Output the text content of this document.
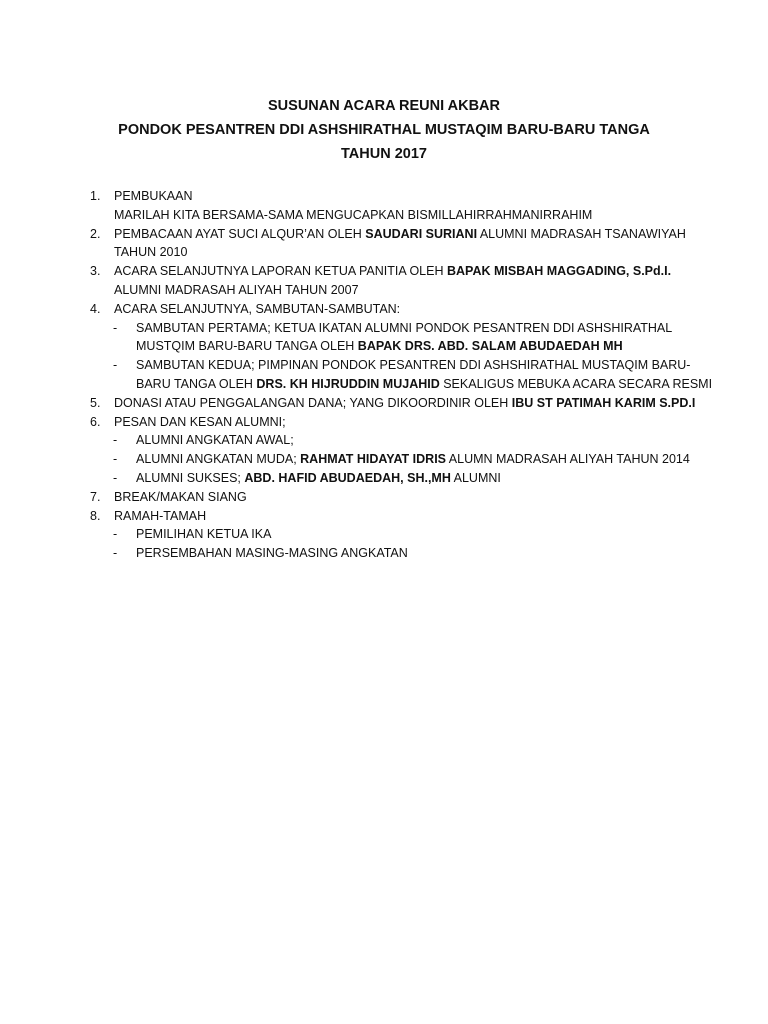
SUSUNAN ACARA REUNI AKBAR
PONDOK PESANTREN DDI ASHSHIRATHAL MUSTAQIM BARU-BARU TANGA
TAHUN 2017
1.	PEMBUKAAN
MARILAH KITA BERSAMA-SAMA MENGUCAPKAN BISMILLAHIRRAHMANIRRAHIM
2.	PEMBACAAN AYAT SUCI ALQUR’AN OLEH SAUDARI SURIANI ALUMNI MADRASAH TSANAWIYAH
TAHUN 2010
3.	ACARA SELANJUTNYA LAPORAN KETUA PANITIA OLEH BAPAK MISBAH MAGGADING, S.Pd.I.
ALUMNI MADRASAH ALIYAH TAHUN 2007
4.	ACARA SELANJUTNYA, SAMBUTAN-SAMBUTAN:
- SAMBUTAN PERTAMA; KETUA IKATAN ALUMNI PONDOK PESANTREN DDI ASHSHIRATHAL
MUSTQIM BARU-BARU TANGA OLEH BAPAK DRS. ABD. SALAM ABUDAEDAH MH
- SAMBUTAN KEDUA; PIMPINAN PONDOK PESANTREN DDI ASHSHIRATHAL MUSTAQIM BARU-
BARU TANGA OLEH DRS. KH HIJRUDDIN MUJAHID SEKALIGUS MEBUKA ACARA SECARA RESMI
5.	DONASI ATAU PENGGALANGAN DANA; YANG DIKOORDINIR OLEH IBU ST PATIMAH KARIM S.PD.I
6.	PESAN DAN KESAN ALUMNI;
- ALUMNI ANGKATAN AWAL;
- ALUMNI ANGKATAN MUDA; RAHMAT HIDAYAT IDRIS ALUMN MADRASAH ALIYAH TAHUN 2014
- ALUMNI SUKSES; ABD. HAFID ABUDAEDAH, SH.,MH ALUMNI
7.	BREAK/MAKAN SIANG
8.	RAMAH-TAMAH
- PEMILIHAN KETUA IKA
- PERSEMBAHAN MASING-MASING ANGKATAN
